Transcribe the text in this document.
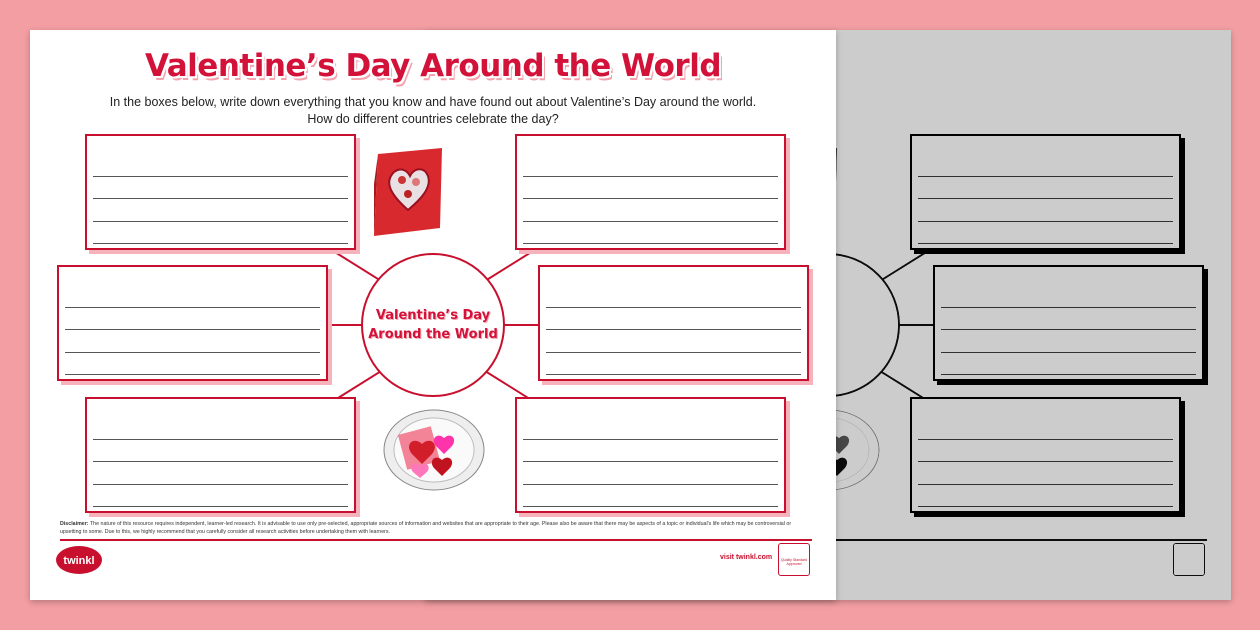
Valentine’s Day Around the World
In the boxes below, write down everything that you know and have found out about Valentine’s Day around the world.
How do different countries celebrate the day?
Valentine’s Day
Around the World
Disclaimer: The nature of this resource requires independent, learner-led research. It is advisable to use only pre-selected, appropriate sources of information and websites that are appropriate to their age. Please also be aware that there may be aspects of a topic or individual's life which may be controversial or upsetting to some. Due to this, we highly recommend that you carefully consider all research activities before undertaking them with learners.
twinkl	visit twinkl.com	Quality Standard Approved
